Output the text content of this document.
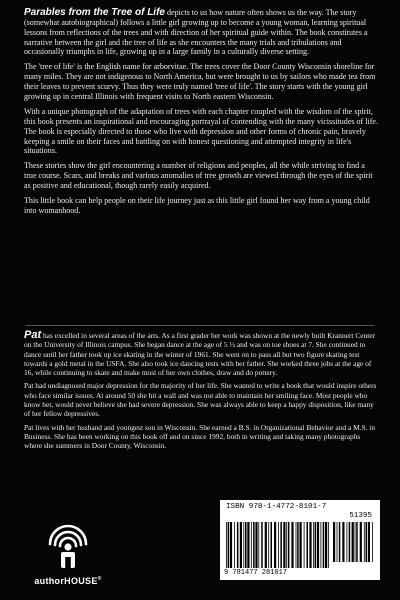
Parables from the Tree of Life depicts to us how nature often shows us the way. The story (somewhat autobiographical) follows a little girl growing up to become a young woman, learning spiritual lessons from reflections of the trees and with direction of her spiritual guide within. The book constitutes a narrative between the girl and the tree of life as she encounters the many trials and tribulations and occasionally triumphs in life, growing up in a large family in a culturally diverse setting.

The 'tree of life' is the English name for arborvitae. The trees cover the Door County Wisconsin shoreline for many miles. They are not indigenous to North America, but were brought to us by sailors who made tea from their leaves to prevent scurvy. Thus they were truly named 'tree of life'. The story starts with the young girl growing up in central Illinois with frequent visits to North eastern Wisconsin.

With a unique photograph of the adaptation of trees with each chapter coupled with the wisdom of the spirit, this book presents an inspirational and encouraging portrayal of contending with the many vicissitudes of life. The book is especially directed to those who live with depression and other forms of chronic pain, bravely keeping a smile on their faces and battling on with honest questioning and attempted integrity in life's situations.

These stories show the girl encountering a number of religions and peoples, all the while striving to find a true course. Scars, and breaks and various anomalies of tree growth are viewed through the eyes of the spirit as positive and educational, though rarely easily acquired.

This little book can help people on their life journey just as this little girl found her way from a young child into womanhood.

Pat has excelled in several areas of the arts. As a first grader her work was shown at the newly built Krannert Center on the University of Illinois campus. She began dance at the age of 5 ½ and was on toe shoes at 7. She continued to dance until her father took up ice skating in the winter of 1961. She went on to pass all but two figure skating test towards a gold metal in the USFA. She also took ice dancing tests with her father. She worked three jobs at the age of 16, while continuing to skate and make most of her own clothes, draw and do pottery.

Pat had undiagnosed major depression for the majority of her life. She wanted to write a book that would inspire others who face similar issues. At around 50 she hit a wall and was not able to maintain her smiling face. Most people who know her, would never believe she had severe depression. She was always able to keep a happy disposition, like many of her fellow depressives.

Pat lives with her husband and youngest son in Wisconsin. She earned a B.S. in Organizational Behavior and a M.S. in Business. She has been working on this book off and on since 1992, both in writing and taking many photographs where she summers in Door County, Wisconsin.

authorHOUSE®
ISBN 978-1-4772-8101-7
51395
9 781477 281017
